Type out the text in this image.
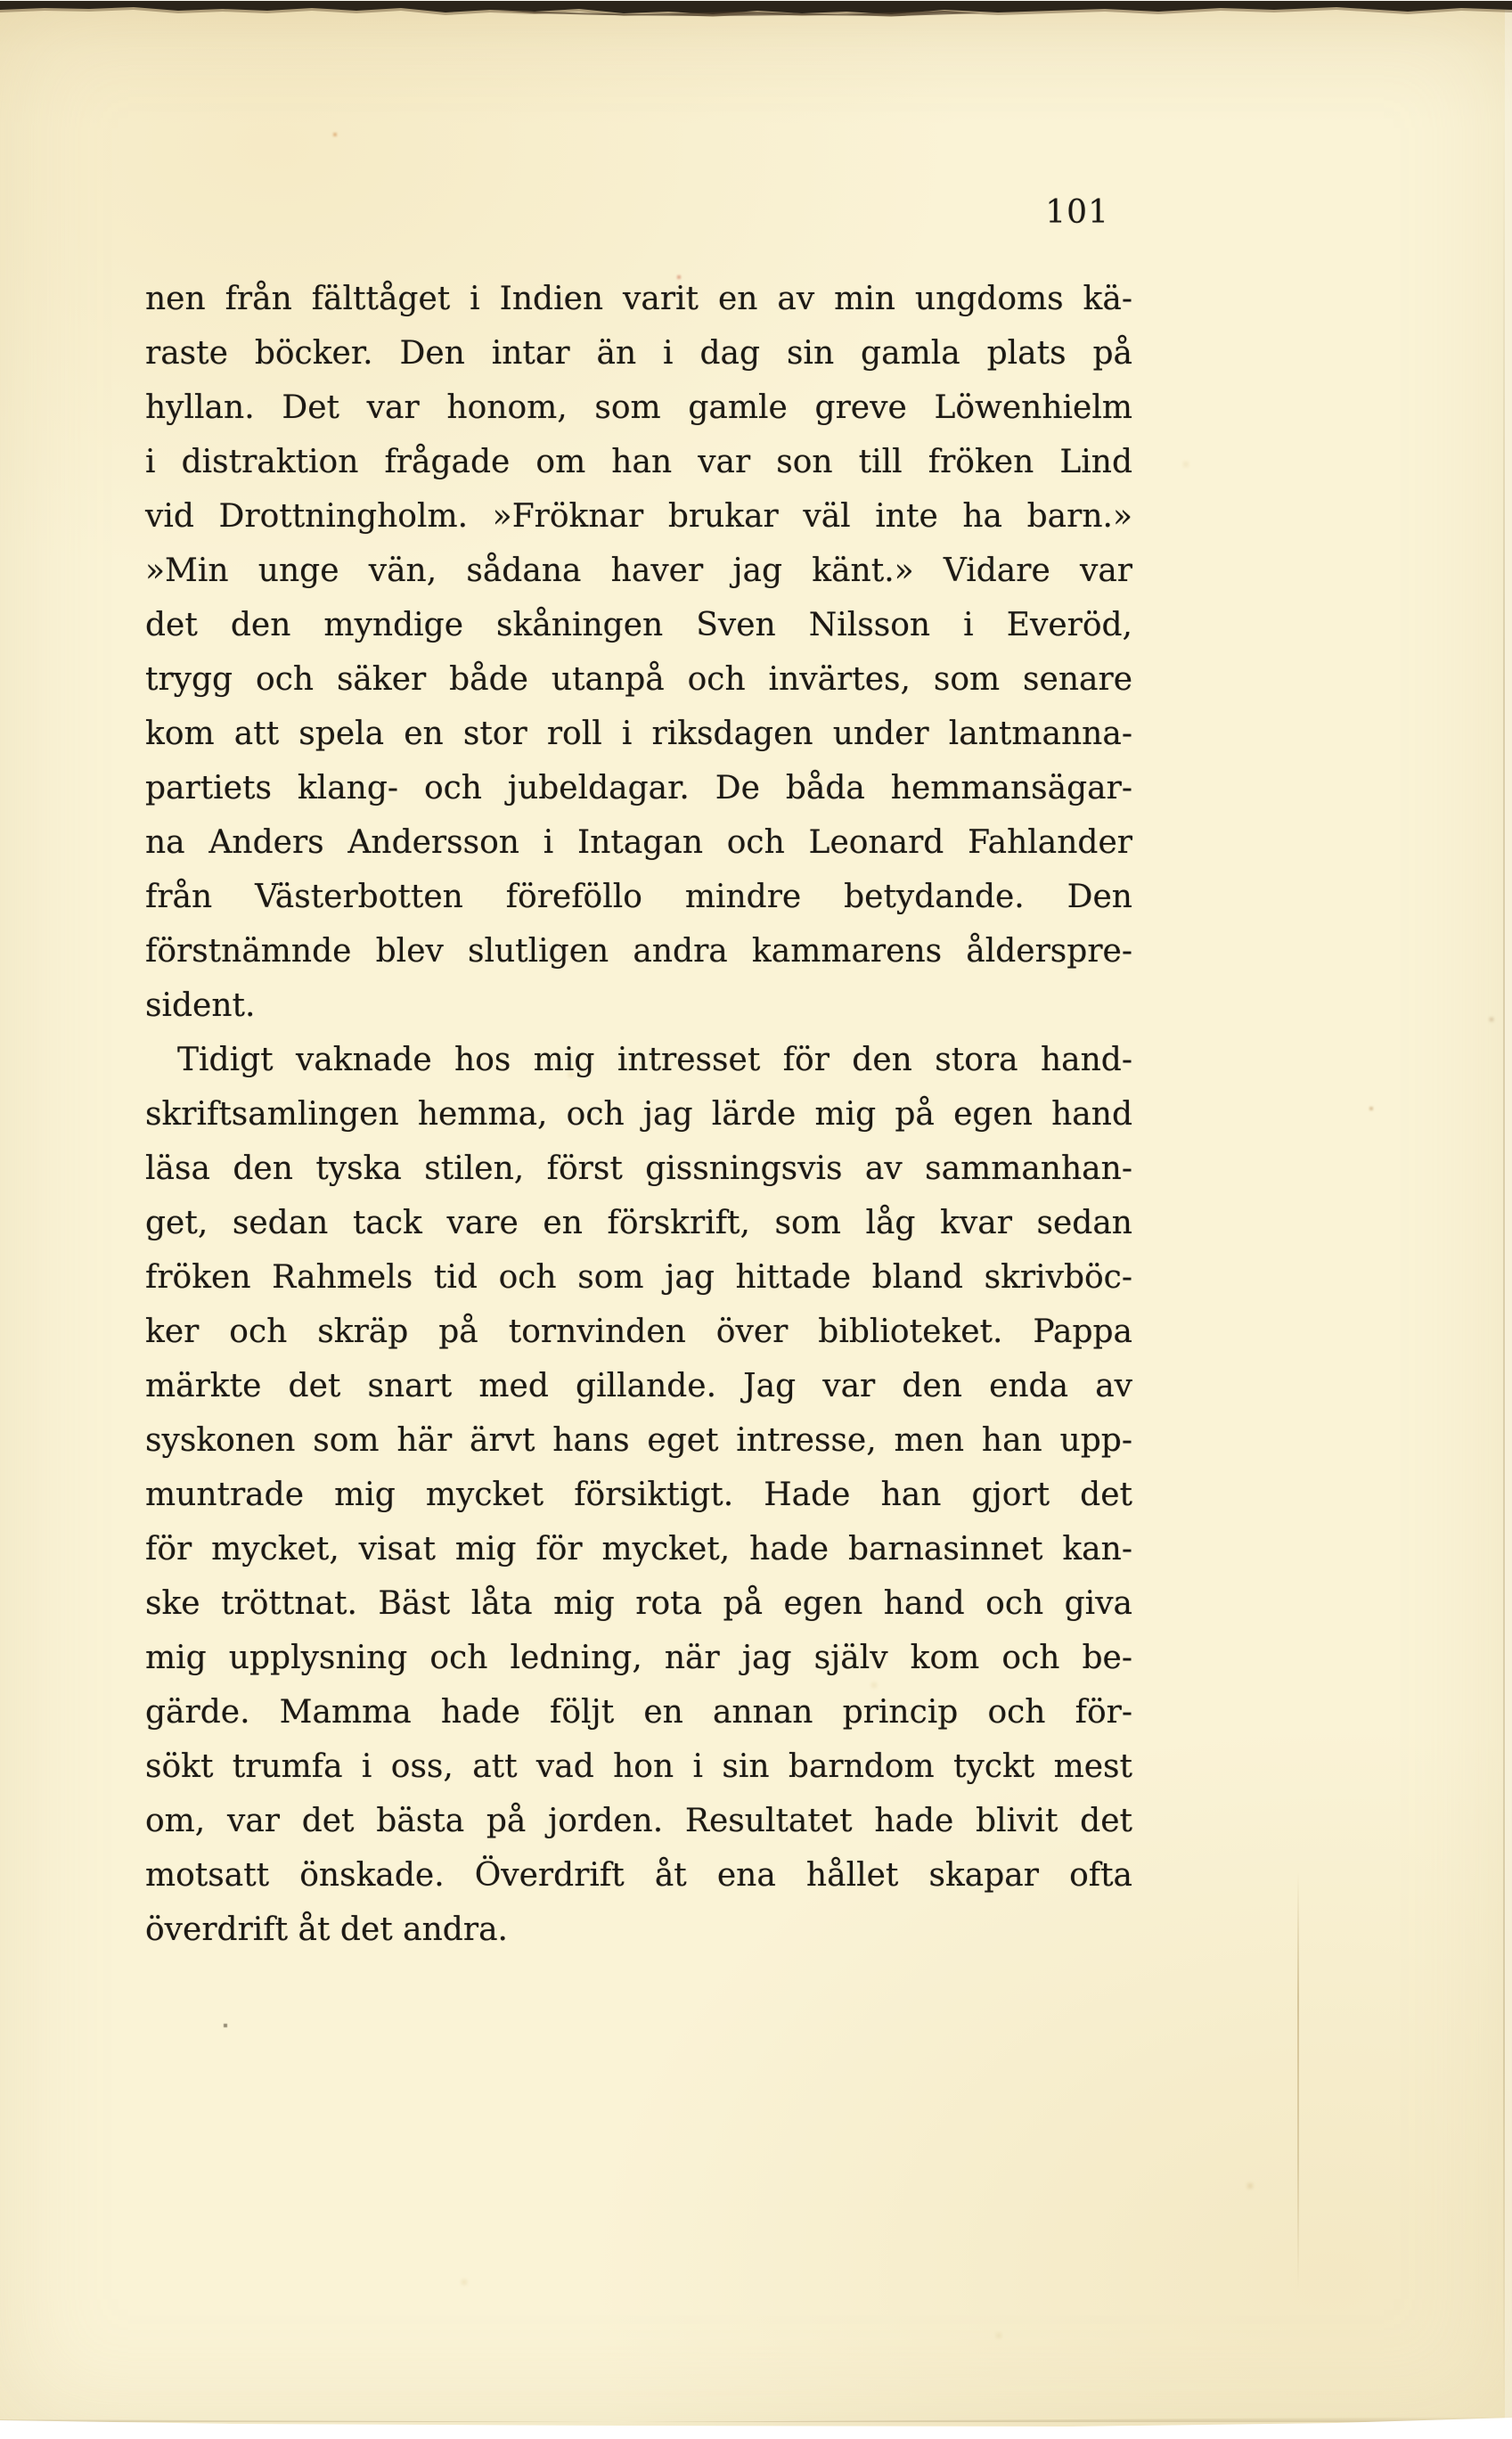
101
nen från fälttåget i Indien varit en av min ungdoms kä-
raste böcker. Den intar än i dag sin gamla plats på
hyllan. Det var honom, som gamle greve Löwenhielm
i distraktion frågade om han var son till fröken Lind
vid Drottningholm. »Fröknar brukar väl inte ha barn.»
»Min unge vän, sådana haver jag känt.» Vidare var
det den myndige skåningen Sven Nilsson i Everöd,
trygg och säker både utanpå och invärtes, som senare
kom att spela en stor roll i riksdagen under lantmanna-
partiets klang- och jubeldagar. De båda hemmansägar-
na Anders Andersson i Intagan och Leonard Fahlander
från Västerbotten föreföllo mindre betydande. Den
förstnämnde blev slutligen andra kammarens ålderspre-
sident.
Tidigt vaknade hos mig intresset för den stora hand-
skriftsamlingen hemma, och jag lärde mig på egen hand
läsa den tyska stilen, först gissningsvis av sammanhan-
get, sedan tack vare en förskrift, som låg kvar sedan
fröken Rahmels tid och som jag hittade bland skrivböc-
ker och skräp på tornvinden över biblioteket. Pappa
märkte det snart med gillande. Jag var den enda av
syskonen som här ärvt hans eget intresse, men han upp-
muntrade mig mycket försiktigt. Hade han gjort det
för mycket, visat mig för mycket, hade barnasinnet kan-
ske tröttnat. Bäst låta mig rota på egen hand och giva
mig upplysning och ledning, när jag själv kom och be-
gärde. Mamma hade följt en annan princip och för-
sökt trumfa i oss, att vad hon i sin barndom tyckt mest
om, var det bästa på jorden. Resultatet hade blivit det
motsatt önskade. Överdrift åt ena hållet skapar ofta
överdrift åt det andra.
